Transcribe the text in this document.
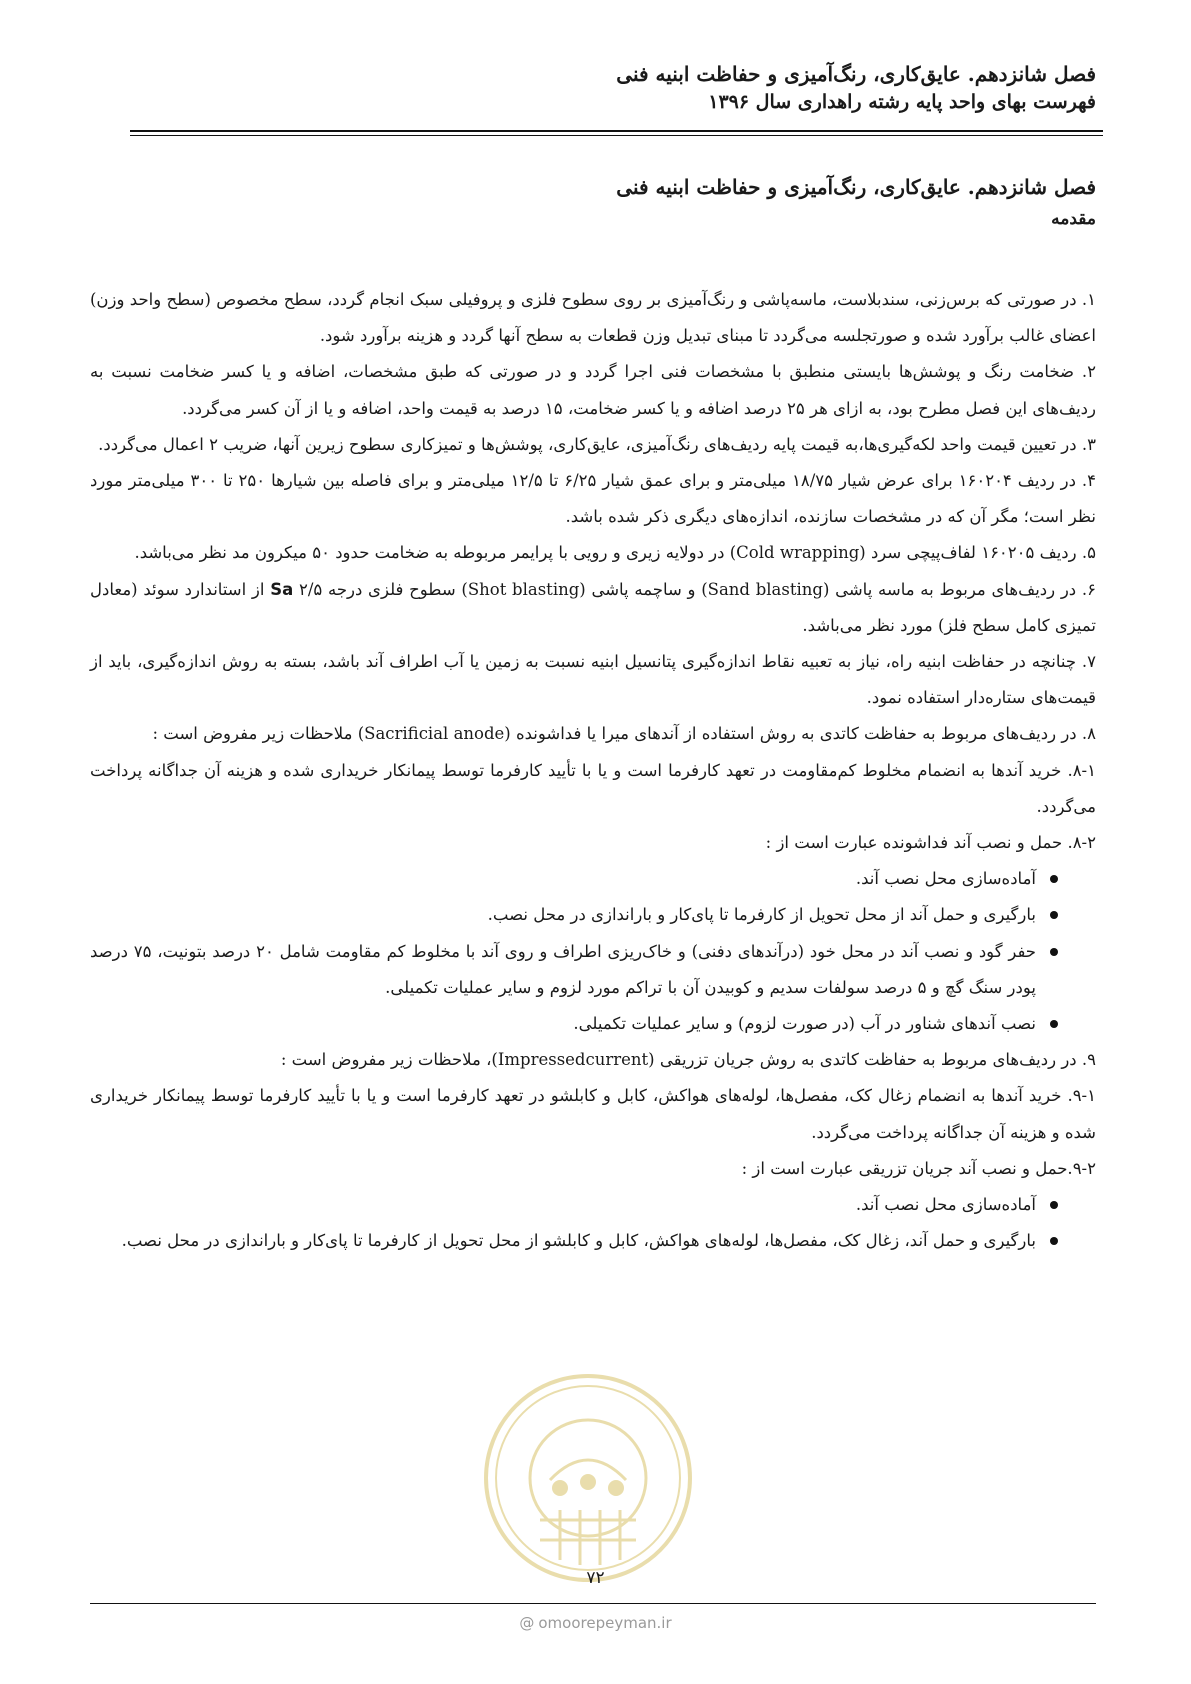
فصل شانزدهم. عایق‌کاری، رنگ‌آمیزی و حفاظت ابنیه فنی
فهرست بهای واحد پایه رشته راهداری سال ۱۳۹۶
فصل شانزدهم. عایق‌کاری، رنگ‌آمیزی و حفاظت ابنیه فنی
مقدمه

۱. در صورتی که برس‌زنی، سندبلاست، ماسه‌پاشی و رنگ‌آمیزی بر روی سطوح فلزی و پروفیلی سبک انجام گردد، سطح مخصوص (سطح واحد وزن) اعضای غالب برآورد شده و صورتجلسه می‌گردد تا مبنای تبدیل وزن قطعات به سطح آنها گردد و هزینه برآورد شود.

۲. ضخامت رنگ و پوشش‌ها بایستی منطبق با مشخصات فنی اجرا گردد و در صورتی که طبق مشخصات، اضافه و یا کسر ضخامت نسبت به ردیف‌های این فصل مطرح بود، به ازای هر ۲۵ درصد اضافه و یا کسر ضخامت، ۱۵ درصد به قیمت واحد، اضافه و یا از آن کسر می‌گردد.

۳. در تعیین قیمت واحد لکه‌گیری‌ها،به قیمت پایه ردیف‌های رنگ‌آمیزی، عایق‌کاری، پوشش‌ها و تمیزکاری سطوح زیرین آنها، ضریب ۲ اعمال می‌گردد.

۴. در ردیف ۱۶۰۲۰۴ برای عرض شیار ۱۸/۷۵ میلی‌متر و برای عمق شیار ۶/۲۵ تا ۱۲/۵ میلی‌متر و برای فاصله بین شیارها ۲۵۰ تا ۳۰۰ میلی‌متر مورد نظر است؛ مگر آن که در مشخصات سازنده، اندازه‌های دیگری ذکر شده باشد.

۵. ردیف ۱۶۰۲۰۵ لفاف‌پیچی سرد (Cold wrapping) در دولایه زیری و رویی با پرایمر مربوطه به ضخامت حدود ۵۰ میکرون مد نظر می‌باشد.

۶. در ردیف‌های مربوط به ماسه پاشی (Sand blasting) و ساچمه پاشی (Shot blasting) سطوح فلزی درجه ۲/۵ Sa از استاندارد سوئد (معادل تمیزی کامل سطح فلز) مورد نظر می‌باشد.

۷. چنانچه در حفاظت ابنیه راه، نیاز به تعبیه نقاط اندازه‌گیری پتانسیل ابنیه نسبت به زمین یا آب اطراف آند باشد، بسته به روش اندازه‌گیری، باید از قیمت‌های ستاره‌دار استفاده نمود.

۸. در ردیف‌های مربوط به حفاظت کاتدی به روش استفاده از آندهای میرا یا فداشونده (Sacrificial anode) ملاحظات زیر مفروض است :

۸-۱. خرید آندها به انضمام مخلوط کم‌مقاومت در تعهد کارفرما است و یا با تأیید کارفرما توسط پیمانکار خریداری شده و هزینه آن جداگانه پرداخت می‌گردد.

۸-۲. حمل و نصب آند فداشونده عبارت است از :

آماده‌سازی محل نصب آند.
بارگیری و حمل آند از محل تحویل از کارفرما تا پای‌کار و باراندازی در محل نصب.
حفر گود و نصب آند در محل خود (درآندهای دفنی) و خاک‌ریزی اطراف و روی آند با مخلوط کم مقاومت شامل ۲۰ درصد بتونیت، ۷۵ درصد پودر سنگ گچ و ۵ درصد سولفات سدیم و کوبیدن آن با تراکم مورد لزوم و سایر عملیات تکمیلی.
نصب آندهای شناور در آب (در صورت لزوم) و سایر عملیات تکمیلی.

۹. در ردیف‌های مربوط به حفاظت کاتدی به روش جریان تزریقی (Impressedcurrent)، ملاحظات زیر مفروض است :

۹-۱. خرید آندها به انضمام زغال کک، مفصل‌ها، لوله‌های هواکش، کابل و کابلشو در تعهد کارفرما است و یا با تأیید کارفرما توسط پیمانکار خریداری شده و هزینه آن جداگانه پرداخت می‌گردد.

۹-۲.حمل و نصب آند جریان تزریقی عبارت است از :

آماده‌سازی محل نصب آند.
بارگیری و حمل آند، زغال کک، مفصل‌ها، لوله‌های هواکش، کابل و کابلشو از محل تحویل از کارفرما تا پای‌کار و باراندازی در محل نصب.
۷۲
@ omoorepeyman.ir
